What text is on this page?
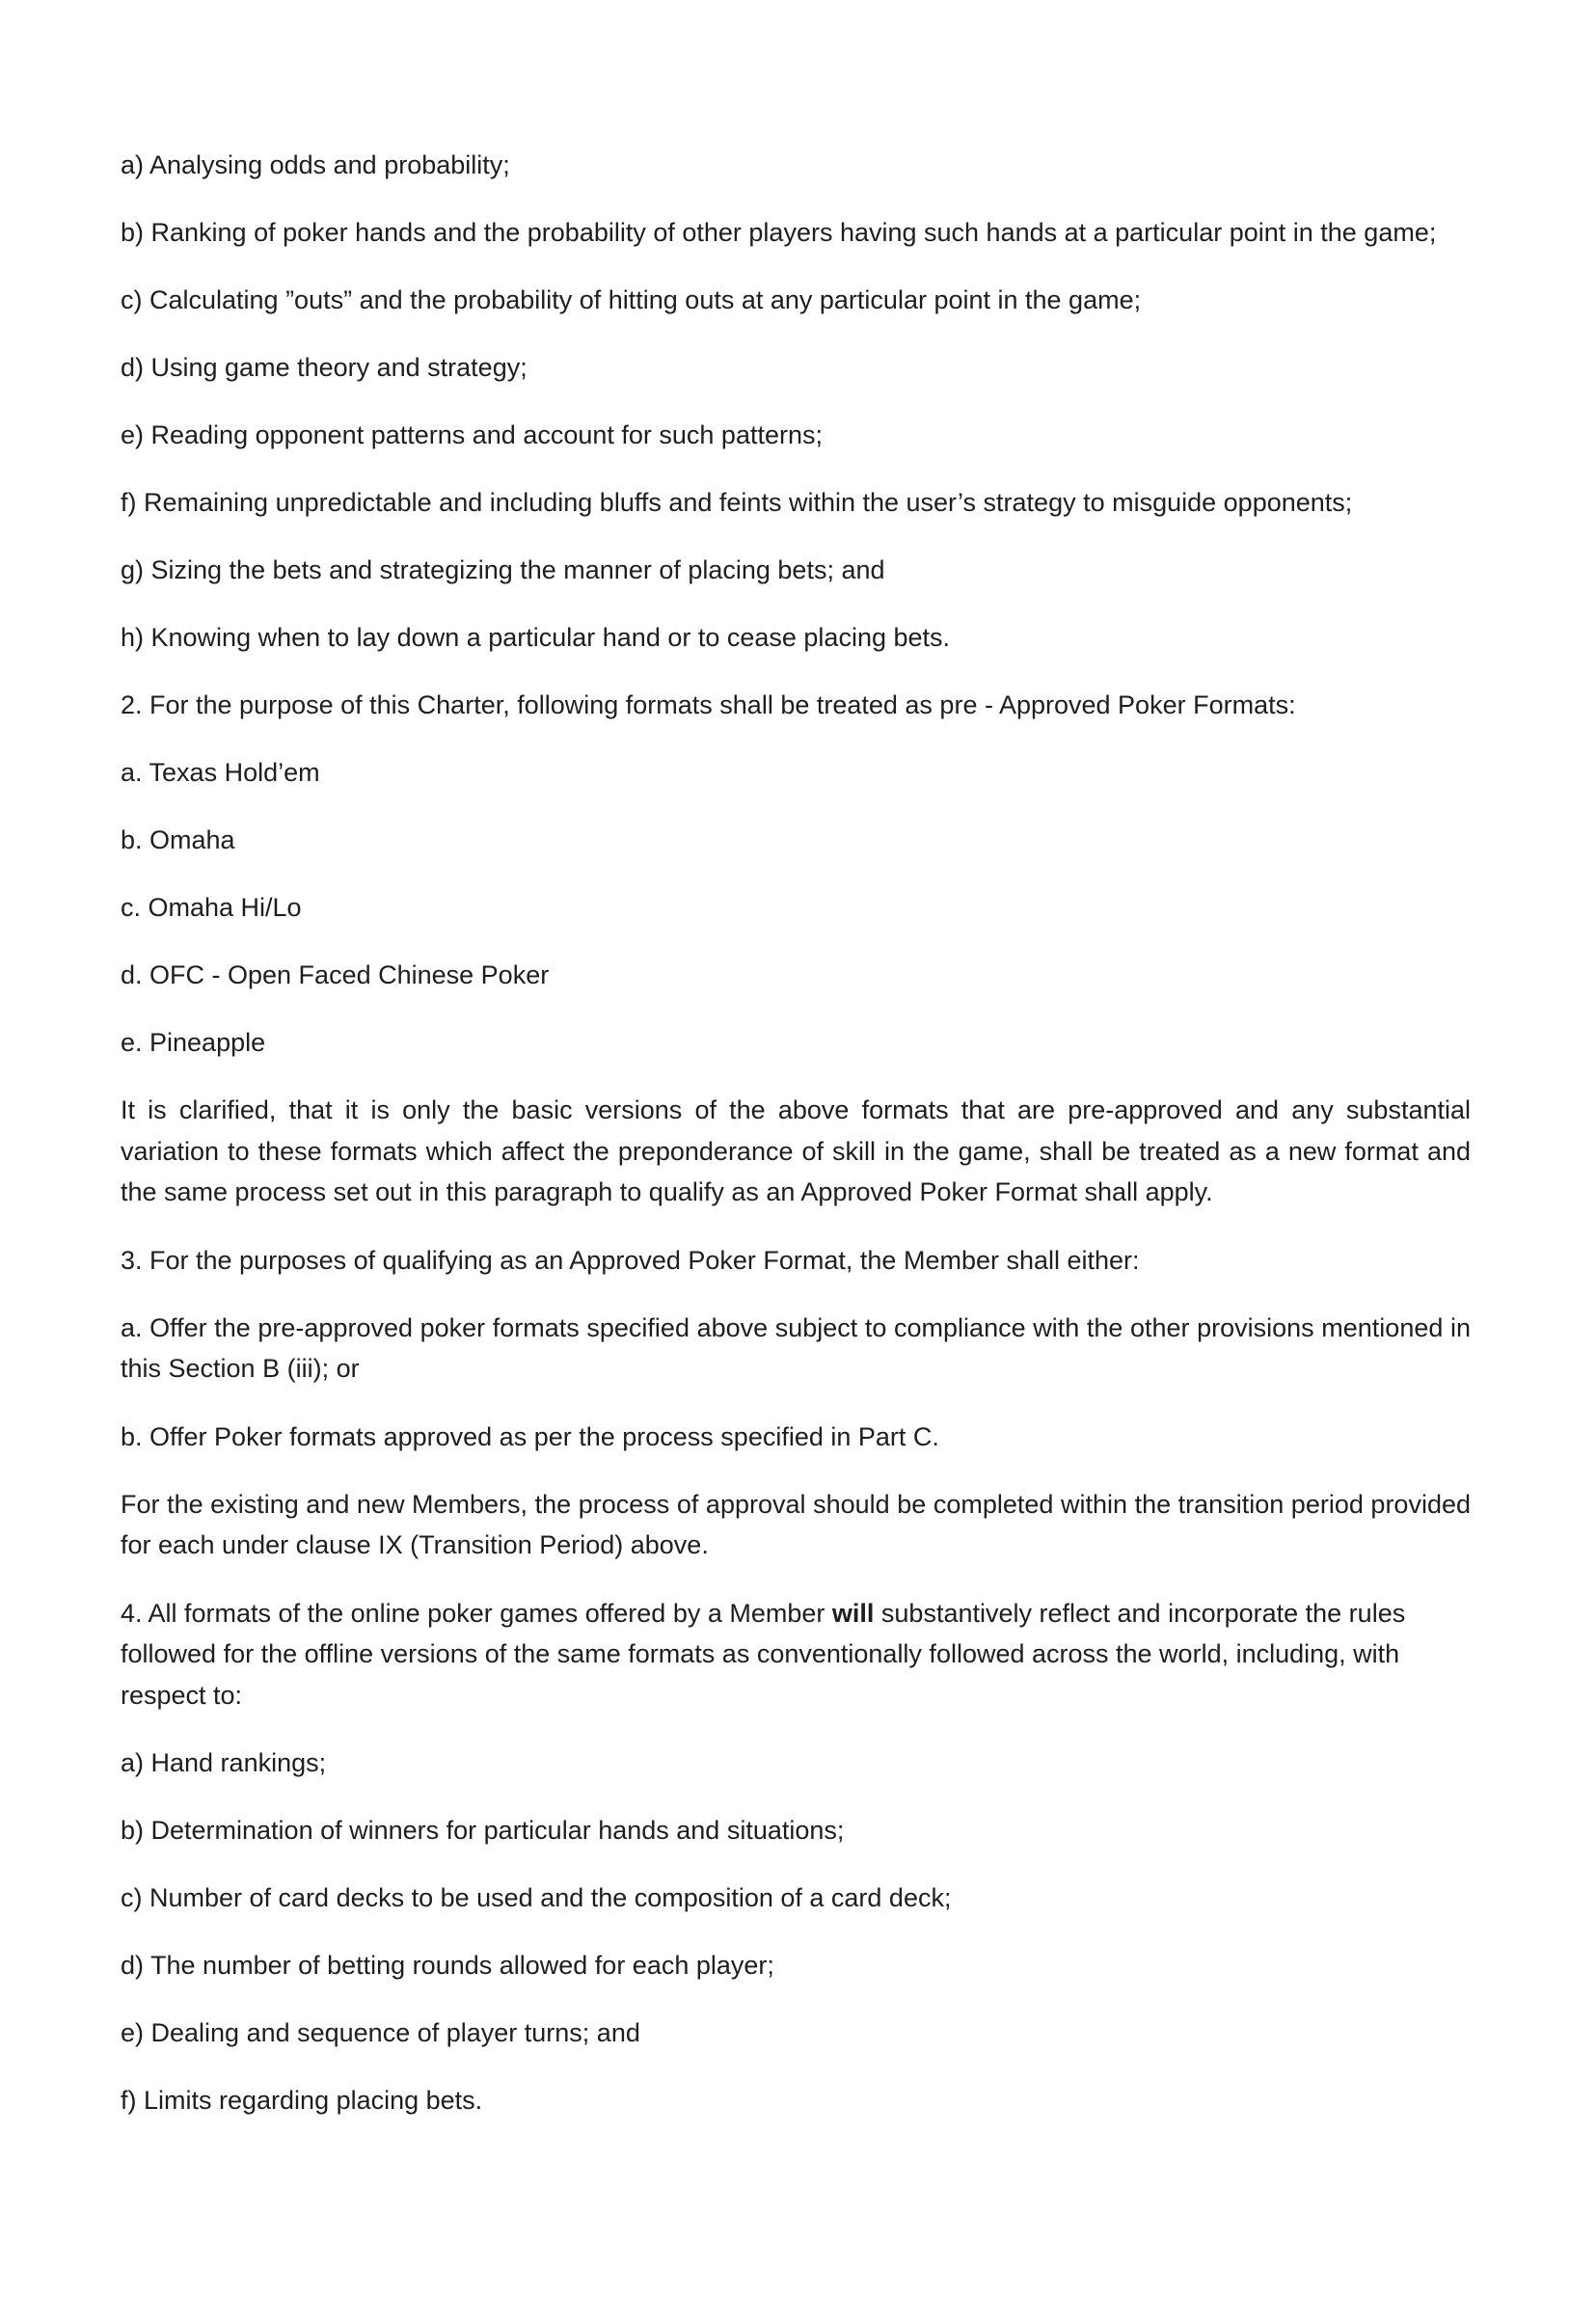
a) Analysing odds and probability;

b) Ranking of poker hands and the probability of other players having such hands at a particular point in the game;

c) Calculating ”outs” and the probability of hitting outs at any particular point in the game;

d) Using game theory and strategy;

e) Reading opponent patterns and account for such patterns;

f) Remaining unpredictable and including bluffs and feints within the user’s strategy to misguide opponents;

g) Sizing the bets and strategizing the manner of placing bets; and

h) Knowing when to lay down a particular hand or to cease placing bets.

2. For the purpose of this Charter, following formats shall be treated as pre - Approved Poker Formats:

a. Texas Hold’em

b. Omaha

c. Omaha Hi/Lo

d. OFC - Open Faced Chinese Poker

e. Pineapple

It is clarified, that it is only the basic versions of the above formats that are pre-approved and any substantial variation to these formats which affect the preponderance of skill in the game, shall be treated as a new format and the same process set out in this paragraph to qualify as an Approved Poker Format shall apply.

3. For the purposes of qualifying as an Approved Poker Format, the Member shall either:

a. Offer the pre-approved poker formats specified above subject to compliance with the other provisions mentioned in this Section B (iii); or

b. Offer Poker formats approved as per the process specified in Part C.

For the existing and new Members, the process of approval should be completed within the transition period provided for each under clause IX (Transition Period) above.

4. All formats of the online poker games offered by a Member will substantively reflect and incorporate the rules followed for the offline versions of the same formats as conventionally followed across the world, including, with respect to:

a) Hand rankings;

b) Determination of winners for particular hands and situations;

c) Number of card decks to be used and the composition of a card deck;

d) The number of betting rounds allowed for each player;

e) Dealing and sequence of player turns; and

f) Limits regarding placing bets.
